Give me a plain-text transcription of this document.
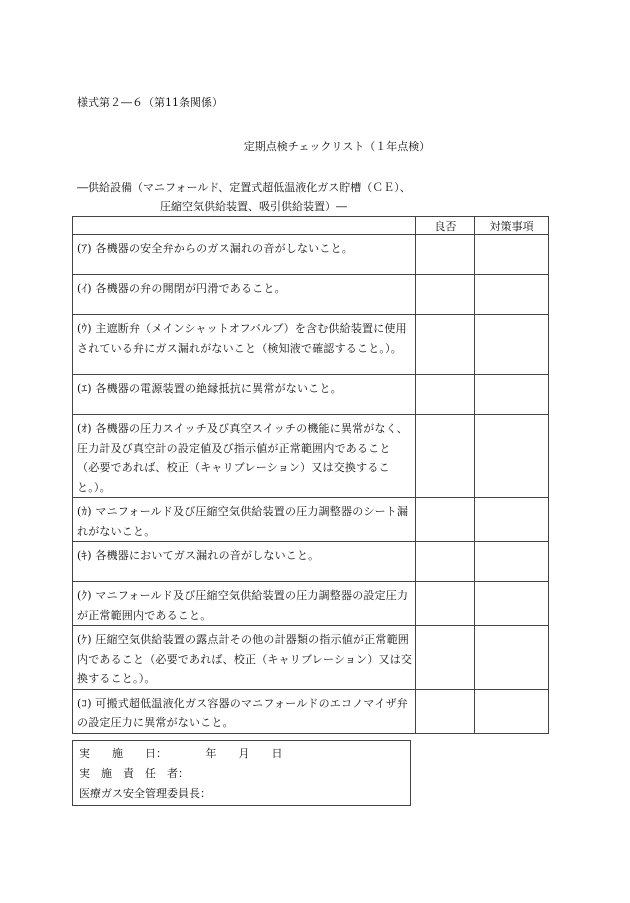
様式第２―６（第11条関係）
定期点検チェックリスト（１年点検）
―供給設備（マニフォールド、定置式超低温液化ガス貯槽（ＣＥ）、
圧縮空気供給装置、吸引供給装置）―
	良否	対策事項
(ｱ) 各機器の安全弁からのガス漏れの音がしないこと。		
(ｲ) 各機器の弁の開閉が円滑であること。		
(ｳ) 主遮断弁（メインシャットオフバルブ）を含む供給装置に使用されている弁にガス漏れがないこと（検知液で確認すること。）。		
(ｴ) 各機器の電源装置の絶縁抵抗に異常がないこと。		
(ｵ) 各機器の圧力スイッチ及び真空スイッチの機能に異常がなく、圧力計及び真空計の設定値及び指示値が正常範囲内であること（必要であれば、校正（キャリブレーション）又は交換すること。）。		
(ｶ) マニフォールド及び圧縮空気供給装置の圧力調整器のシート漏れがないこと。		
(ｷ) 各機器においてガス漏れの音がしないこと。		
(ｸ) マニフォールド及び圧縮空気供給装置の圧力調整器の設定圧力が正常範囲内であること。		
(ｹ) 圧縮空気供給装置の露点計その他の計器類の指示値が正常範囲内であること（必要であれば、校正（キャリブレーション）又は交換すること。）。		
(ｺ) 可搬式超低温液化ガス容器のマニフォールドのエコノマイザ弁の設定圧力に異常がないこと。		
実　　施　　日：　　　　年　　月　　日
実　施　責　任　者：
医療ガス安全管理委員長：
